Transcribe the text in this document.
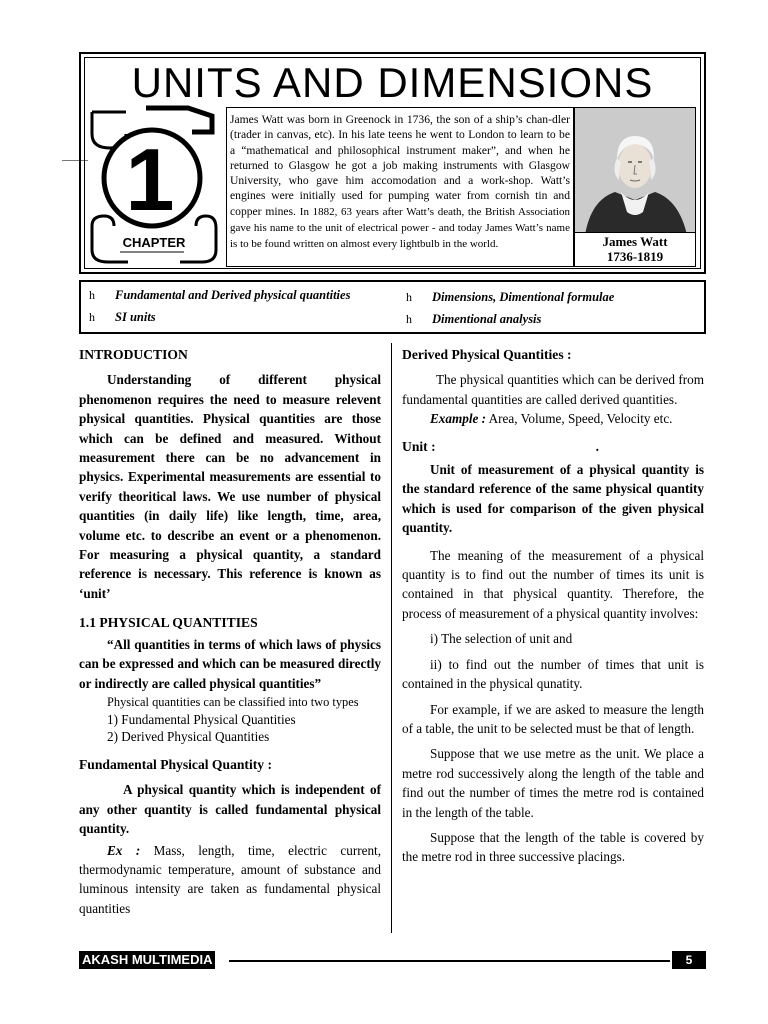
UNITS AND DIMENSIONS
1
CHAPTER
James Watt was born in Greenock in 1736, the son of a ship’s chan-dler (trader in canvas, etc). In his late teens he went to London to learn to be a “mathematical and philosophical instrument maker”, and when he returned to Glasgow he got a job making instruments with Glasgow University, who gave him accomodation and a work-shop. Watt’s engines were initially used for pumping water from cornish tin and copper mines. In 1882, 63 years after Watt’s death, the British Association gave his name to the unit of electrical power - and today James Watt’s name is to be found written on almost every lightbulb in the world.	James Watt
1736-1819
h Fundamental and Derived physical quantities
h SI units
h Dimensions, Dimentional formulae
h Dimentional analysis

INTRODUCTION

Understanding of different physical phenomenon requires the need to measure relevent physical quantities. Physical quantities are those which can be defined and measured. Without measurement there can be no advancement in physics. Experimental measurements are essential to verify theoritical laws. We use number of physical quantities (in daily life) like length, time, area, volume etc. to describe an event or a phenomenon. For measuring a physical quantity, a standard reference is necessary. This reference is known as ‘unit’

1.1 PHYSICAL QUANTITIES

“All quantities in terms of which laws of physics can be expressed and which can be measured directly or indirectly are called physical quantities”

Physical quantities can be classified into two types

1) Fundamental Physical Quantities

2) Derived Physical Quantities

Fundamental Physical Quantity :

A physical quantity which is independent of any other quantity is called fundamental physical quantity.

Ex : Mass, length, time, electric current, thermodynamic temperature, amount of substance and luminous intensity are taken as fundamental physical quantities

Derived Physical Quantities :

The physical quantities which can be derived from fundamental quantities are called derived quantities.

Example : Area, Volume, Speed, Velocity etc.

Unit :	.

Unit of measurement of a physical quantity is the standard reference of the same physical quantity which is used for comparison of the given physical quantity.

The meaning of the measurement of a physical quantity is to find out the number of times its unit is contained in that physical quantity. Therefore, the process of measurement of a physical quantity involves:

i) The selection of unit and

ii) to find out the number of times that unit is contained in the physical qunatity.

For example, if we are asked to measure the length of a table, the unit to be selected must be that of length.

Suppose that we use metre as the unit. We place a metre rod successively along the length of the table and find out the number of times the metre rod is contained in the length of the table.

Suppose that the length of the table is covered by the metre rod in three successive placings.

AKASH MULTIMEDIA	5
